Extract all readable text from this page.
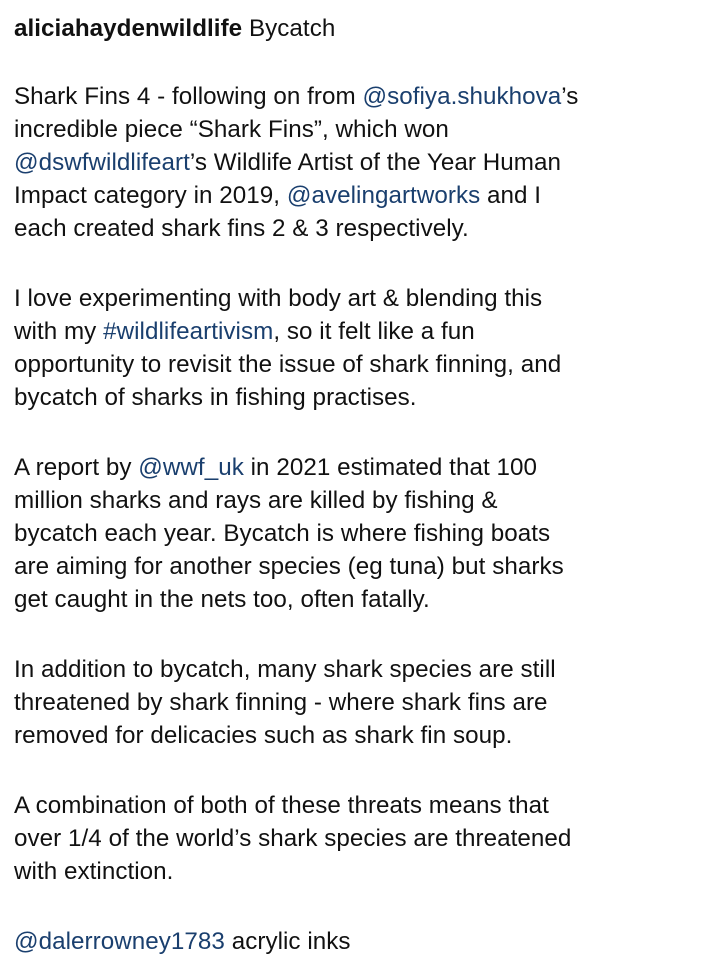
aliciahaydenwildlife Bycatch
Shark Fins 4 - following on from @sofiya.shukhova’s
incredible piece “Shark Fins”, which won
@dswfwildlifeart’s Wildlife Artist of the Year Human
Impact category in 2019, @avelingartworks and I
each created shark fins 2 & 3 respectively.
I love experimenting with body art & blending this
with my #wildlifeartivism, so it felt like a fun
opportunity to revisit the issue of shark finning, and
bycatch of sharks in fishing practises.
A report by @wwf_uk in 2021 estimated that 100
million sharks and rays are killed by fishing &
bycatch each year. Bycatch is where fishing boats
are aiming for another species (eg tuna) but sharks
get caught in the nets too, often fatally.
In addition to bycatch, many shark species are still
threatened by shark finning - where shark fins are
removed for delicacies such as shark fin soup.
A combination of both of these threats means that
over 1/4 of the world’s shark species are threatened
with extinction.
@dalerrowney1783 acrylic inks
